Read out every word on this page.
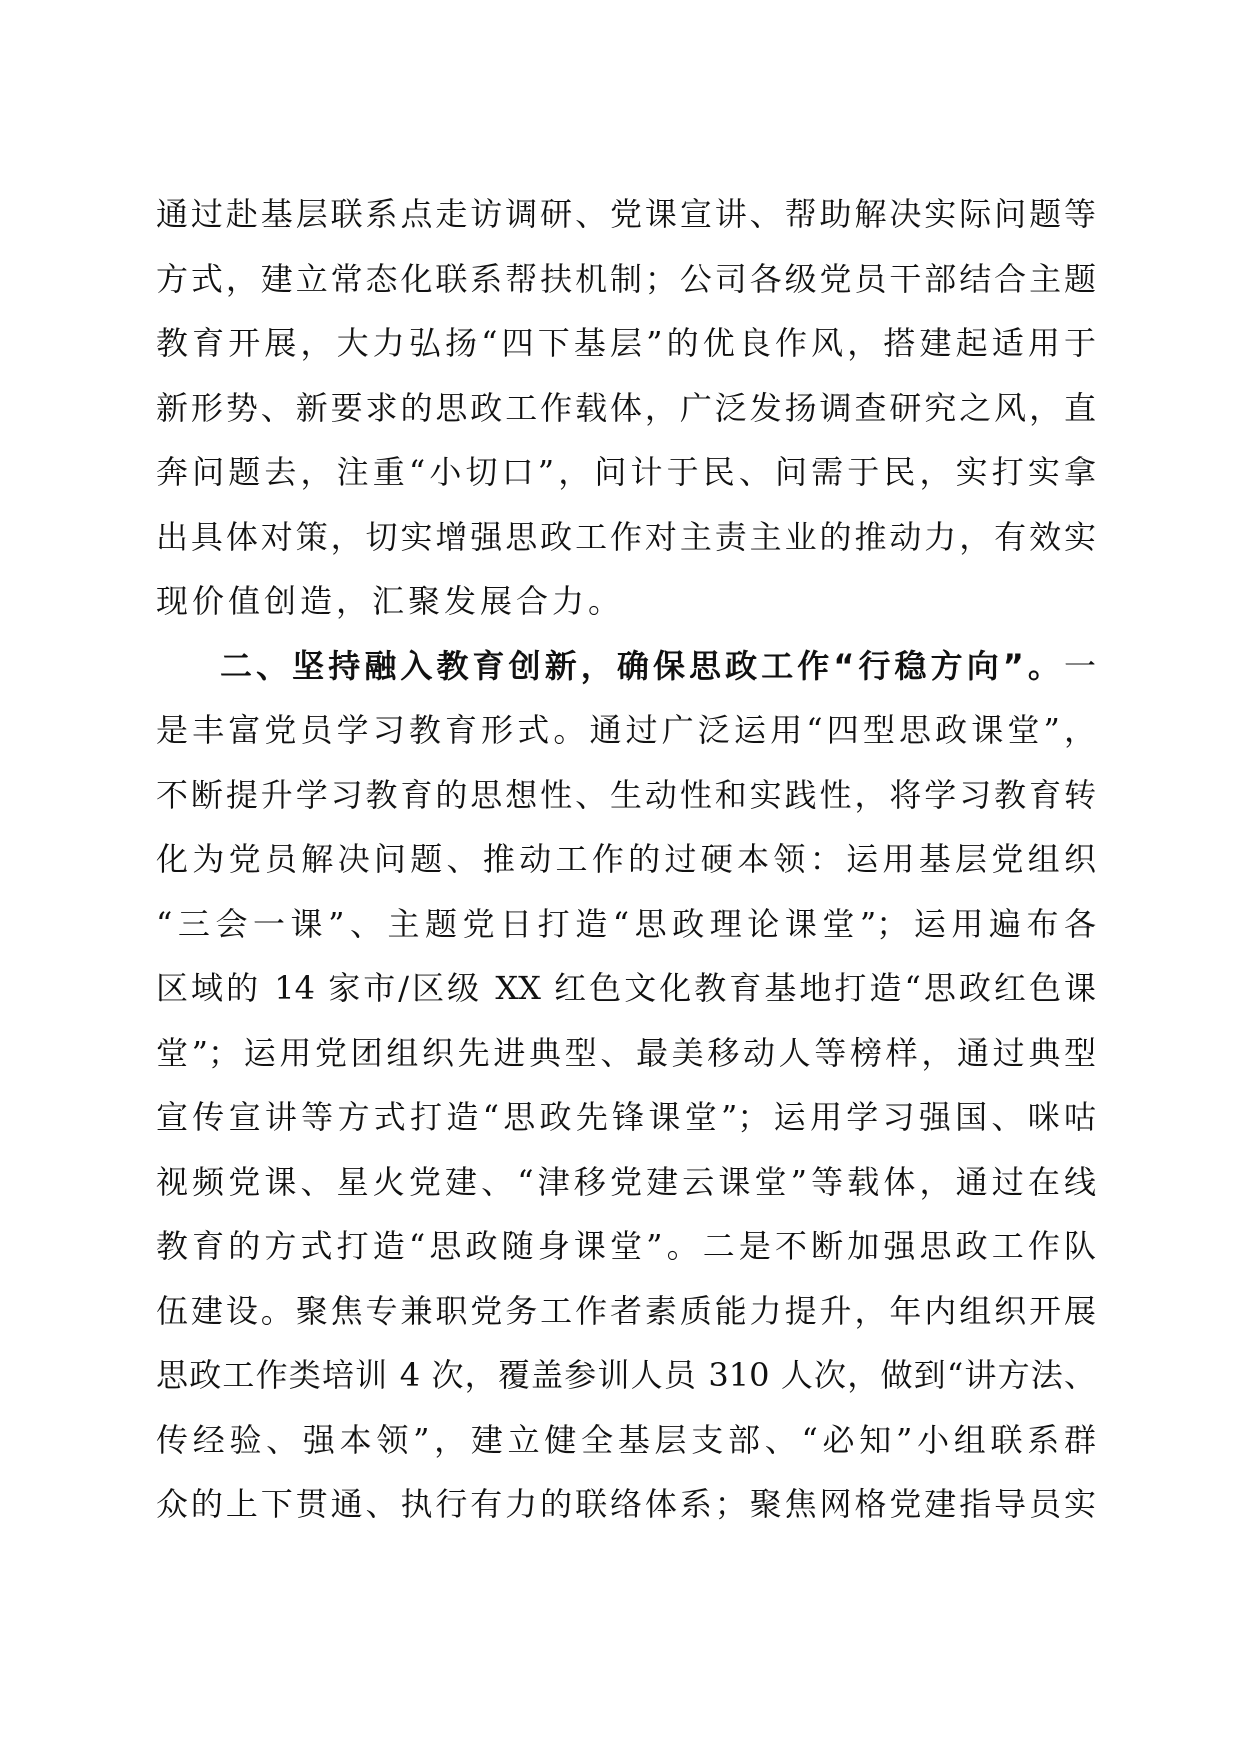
通过赴基层联系点走访调研、党课宣讲、帮助解决实际问题等
方式，建立常态化联系帮扶机制；公司各级党员干部结合主题
教育开展，大力弘扬“四下基层”的优良作风，搭建起适用于
新形势、新要求的思政工作载体，广泛发扬调查研究之风，直
奔问题去，注重“小切口”，问计于民、问需于民，实打实拿
出具体对策，切实增强思政工作对主责主业的推动力，有效实
现价值创造，汇聚发展合力。
二、坚持融入教育创新，确保思政工作“行稳方向”。一
是丰富党员学习教育形式。通过广泛运用“四型思政课堂”，
不断提升学习教育的思想性、生动性和实践性，将学习教育转
化为党员解决问题、推动工作的过硬本领：运用基层党组织
“三会一课”、主题党日打造“思政理论课堂”；运用遍布各
区域的 14 家市/区级 XX 红色文化教育基地打造“思政红色课
堂”；运用党团组织先进典型、最美移动人等榜样，通过典型
宣传宣讲等方式打造“思政先锋课堂”；运用学习强国、咪咕
视频党课、星火党建、“津移党建云课堂”等载体，通过在线
教育的方式打造“思政随身课堂”。二是不断加强思政工作队
伍建设。聚焦专兼职党务工作者素质能力提升，年内组织开展
思政工作类培训 4 次，覆盖参训人员 310 人次，做到“讲方法、
传经验、强本领”，建立健全基层支部、“必知”小组联系群
众的上下贯通、执行有力的联络体系；聚焦网格党建指导员实
